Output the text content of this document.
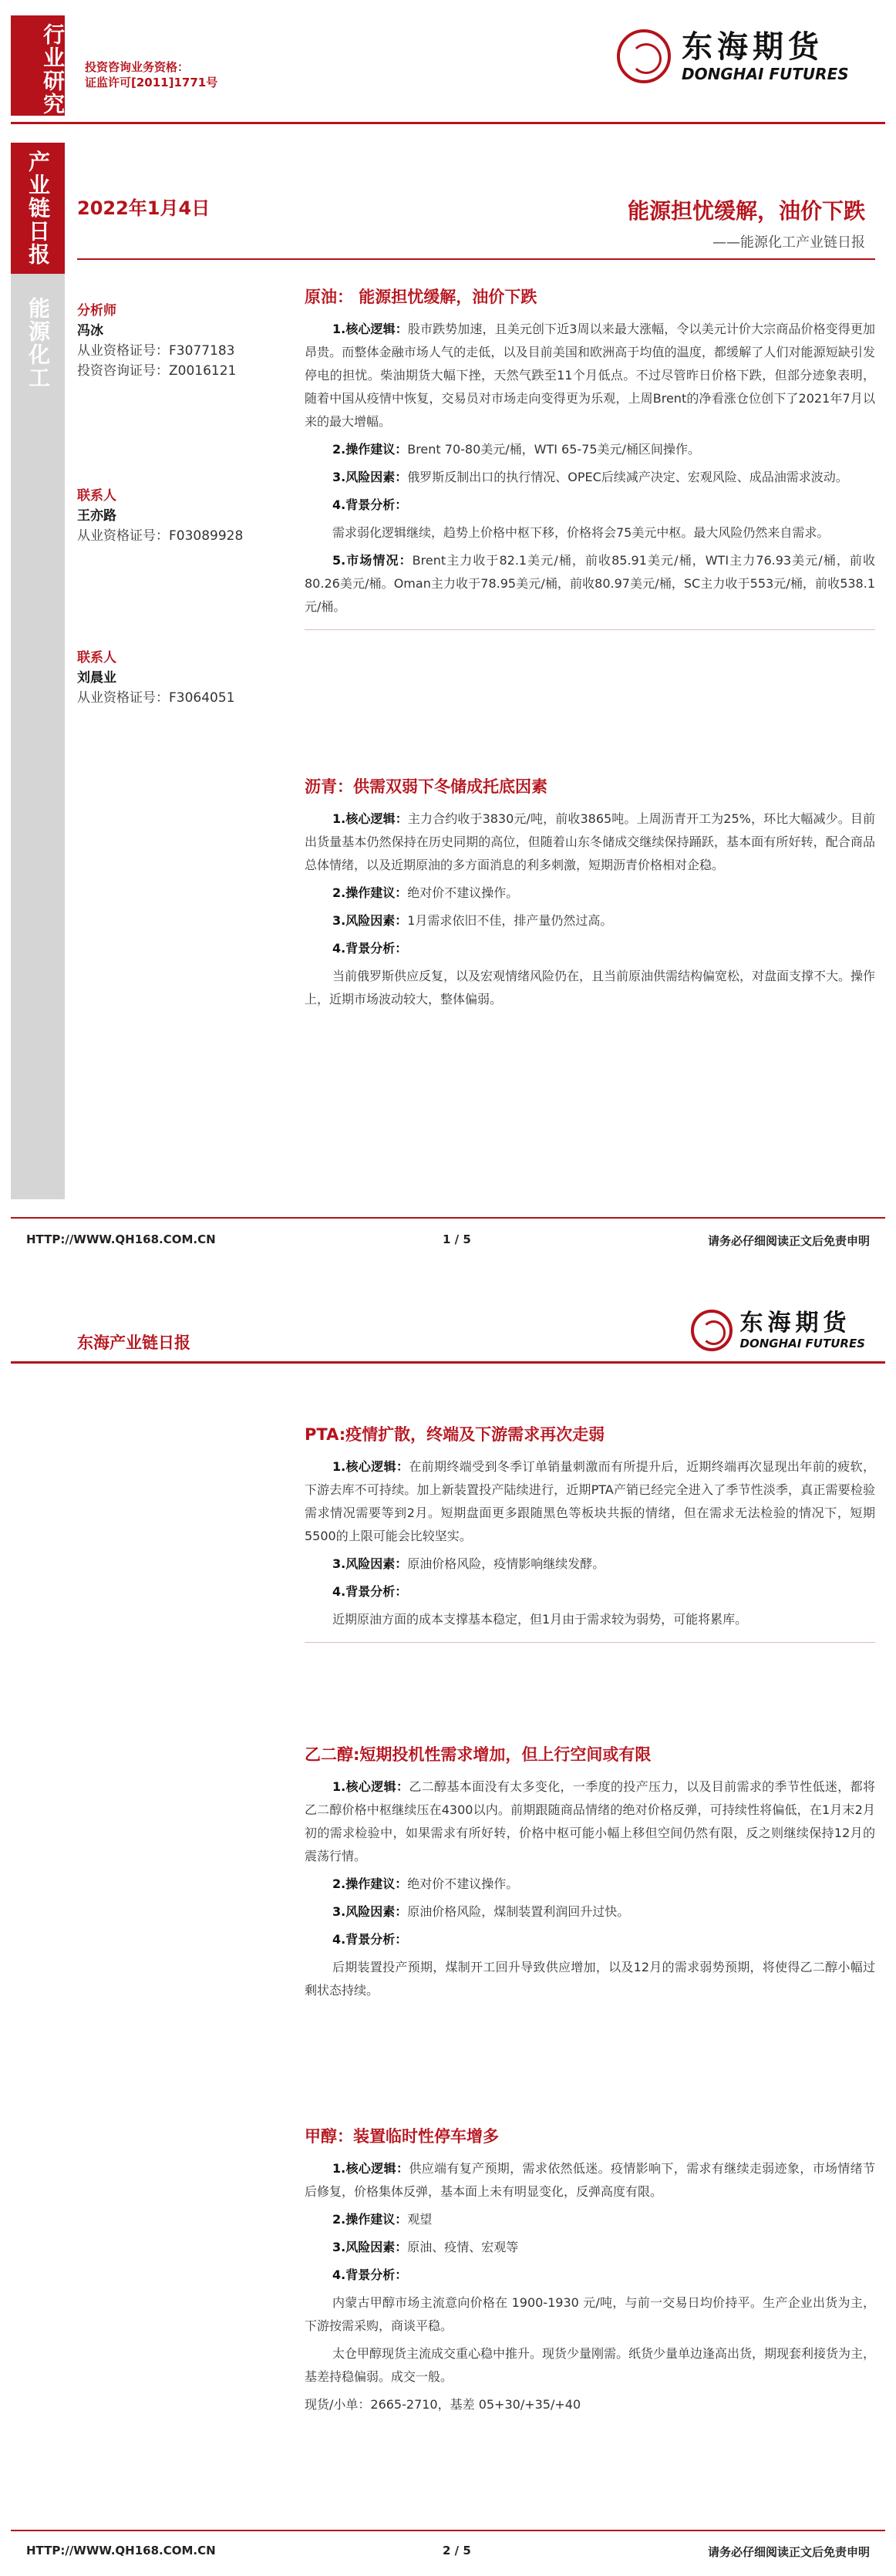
行业研究 投资咨询业务资格：
证监许可[2011]1771号
东海期货
DONGHAI FUTURES
产业链日报
能源化工
2022年1月4日	能源担忧缓解，油价下跌
——能源化工产业链日报
分析师
冯冰
从业资格证号：F3077183
投资咨询证号：Z0016121
联系人
王亦路
从业资格证号：F03089928
联系人
刘晨业
从业资格证号：F3064051
原油： 能源担忧缓解，油价下跌
1.核心逻辑：股市跌势加速，且美元创下近3周以来最大涨幅，令以美元计价大宗商品价格变得更加昂贵。而整体金融市场人气的走低，以及目前美国和欧洲高于均值的温度，都缓解了人们对能源短缺引发停电的担忧。柴油期货大幅下挫，天然气跌至11个月低点。不过尽管昨日价格下跌，但部分迹象表明，随着中国从疫情中恢复，交易员对市场走向变得更为乐观，上周Brent的净看涨仓位创下了2021年7月以来的最大增幅。
2.操作建议：Brent 70-80美元/桶，WTI 65-75美元/桶区间操作。
3.风险因素：俄罗斯反制出口的执行情况、OPEC后续减产决定、宏观风险、成品油需求波动。
4.背景分析：
需求弱化逻辑继续，趋势上价格中枢下移，价格将会75美元中枢。最大风险仍然来自需求。
5.市场情况：Brent主力收于82.1美元/桶，前收85.91美元/桶，WTI主力76.93美元/桶，前收80.26美元/桶。Oman主力收于78.95美元/桶，前收80.97美元/桶，SC主力收于553元/桶，前收538.1元/桶。
沥青：供需双弱下冬储成托底因素
1.核心逻辑：主力合约收于3830元/吨，前收3865吨。上周沥青开工为25%，环比大幅减少。目前出货量基本仍然保持在历史同期的高位，但随着山东冬储成交继续保持踊跃，基本面有所好转，配合商品总体情绪，以及近期原油的多方面消息的利多刺激，短期沥青价格相对企稳。
2.操作建议：绝对价不建议操作。
3.风险因素：1月需求依旧不佳，排产量仍然过高。
4.背景分析：
当前俄罗斯供应反复，以及宏观情绪风险仍在，且当前原油供需结构偏宽松，对盘面支撑不大。操作上，近期市场波动较大，整体偏弱。
HTTP://WWW.QH168.COM.CN	1 / 5	请务必仔细阅读正文后免责申明
东海产业链日报
东海期货
DONGHAI FUTURES
PTA:疫情扩散，终端及下游需求再次走弱
1.核心逻辑：在前期终端受到冬季订单销量刺激而有所提升后，近期终端再次显现出年前的疲软，下游去库不可持续。加上新装置投产陆续进行，近期PTA产销已经完全进入了季节性淡季，真正需要检验需求情况需要等到2月。短期盘面更多跟随黑色等板块共振的情绪，但在需求无法检验的情况下，短期5500的上限可能会比较坚实。
3.风险因素：原油价格风险，疫情影响继续发酵。
4.背景分析：
近期原油方面的成本支撑基本稳定，但1月由于需求较为弱势，可能将累库。
乙二醇:短期投机性需求增加，但上行空间或有限
1.核心逻辑：乙二醇基本面没有太多变化，一季度的投产压力，以及目前需求的季节性低迷，都将乙二醇价格中枢继续压在4300以内。前期跟随商品情绪的绝对价格反弹，可持续性将偏低，在1月末2月初的需求检验中，如果需求有所好转，价格中枢可能小幅上移但空间仍然有限，反之则继续保持12月的震荡行情。
2.操作建议：绝对价不建议操作。
3.风险因素：原油价格风险，煤制装置利润回升过快。
4.背景分析：
后期装置投产预期，煤制开工回升导致供应增加，以及12月的需求弱势预期，将使得乙二醇小幅过剩状态持续。
甲醇：装置临时性停车增多
1.核心逻辑：供应端有复产预期，需求依然低迷。疫情影响下，需求有继续走弱迹象，市场情绪节后修复，价格集体反弹，基本面上未有明显变化，反弹高度有限。
2.操作建议：观望
3.风险因素：原油、疫情、宏观等
4.背景分析：
内蒙古甲醇市场主流意向价格在 1900-1930 元/吨，与前一交易日均价持平。生产企业出货为主，下游按需采购，商谈平稳。
太仓甲醇现货主流成交重心稳中推升。现货少量刚需。纸货少量单边逢高出货，期现套利接货为主，基差持稳偏弱。成交一般。
现货/小单：2665-2710，基差 05+30/+35/+40
HTTP://WWW.QH168.COM.CN	2 / 5	请务必仔细阅读正文后免责申明
